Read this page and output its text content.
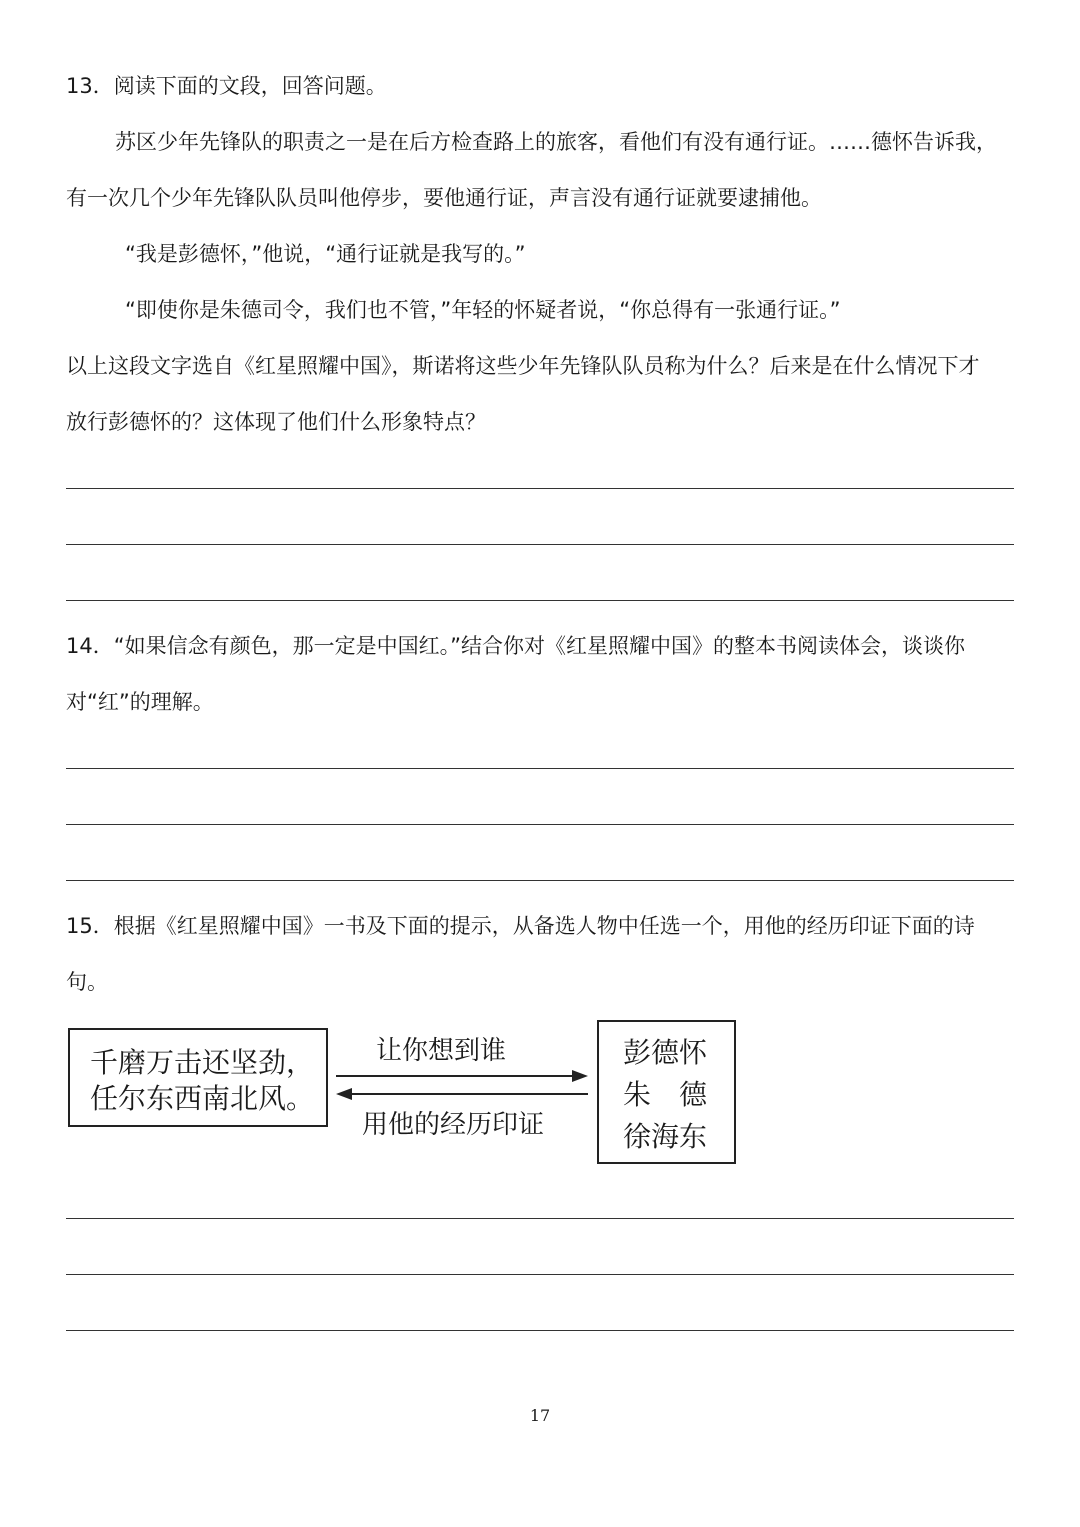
13．阅读下面的文段，回答问题。
苏区少年先锋队的职责之一是在后方检查路上的旅客，看他们有没有通行证。……德怀告诉我，
有一次几个少年先锋队队员叫他停步，要他通行证，声言没有通行证就要逮捕他。
“我是彭德怀，”他说，“通行证就是我写的。”
“即使你是朱德司令，我们也不管，”年轻的怀疑者说，“你总得有一张通行证。”
以上这段文字选自《红星照耀中国》，斯诺将这些少年先锋队队员称为什么？后来是在什么情况下才
放行彭德怀的？这体现了他们什么形象特点？
14．“如果信念有颜色，那一定是中国红。”结合你对《红星照耀中国》的整本书阅读体会，谈谈你
对“红”的理解。
15．根据《红星照耀中国》一书及下面的提示，从备选人物中任选一个，用他的经历印证下面的诗
句。
千磨万击还坚劲，
任尔东西南北风。
让你想到谁
用他的经历印证
彭德怀
朱　德
徐海东
17
